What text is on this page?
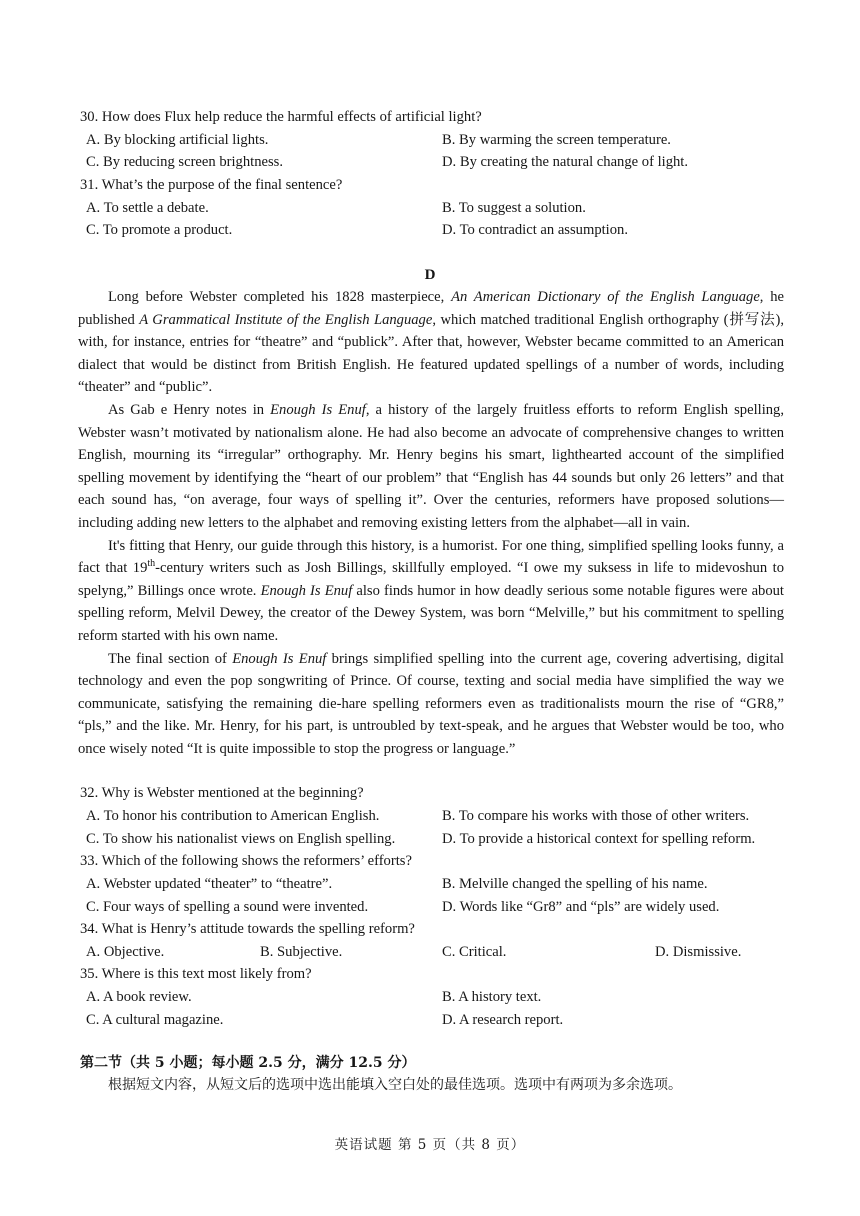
30. How does Flux help reduce the harmful effects of artificial light?
A. By blocking artificial lights.	B. By warming the screen temperature.
C. By reducing screen brightness.	D. By creating the natural change of light.
31. What’s the purpose of the final sentence?
A. To settle a debate.	B. To suggest a solution.
C. To promote a product.	D. To contradict an assumption.
D

Long before Webster completed his 1828 masterpiece, An American Dictionary of the English Language, he published A Grammatical Institute of the English Language, which matched traditional English orthography (拼写法), with, for instance, entries for “theatre” and “publick”. After that, however, Webster became committed to an American dialect that would be distinct from British English. He featured updated spellings of a number of words, including “theater” and “public”.

As Gab e Henry notes in Enough Is Enuf, a history of the largely fruitless efforts to reform English spelling, Webster wasn’t motivated by nationalism alone. He had also become an advocate of comprehensive changes to written English, mourning its “irregular” orthography. Mr. Henry begins his smart, lighthearted account of the simplified spelling movement by identifying the “heart of our problem” that “English has 44 sounds but only 26 letters” and that each sound has, “on average, four ways of spelling it”. Over the centuries, reformers have proposed solutions—including adding new letters to the alphabet and removing existing letters from the alphabet—all in vain.

It's fitting that Henry, our guide through this history, is a humorist. For one thing, simplified spelling looks funny, a fact that 19th-century writers such as Josh Billings, skillfully employed. “I owe my suksess in life to midevoshun to spelyng,” Billings once wrote. Enough Is Enuf also finds humor in how deadly serious some notable figures were about spelling reform, Melvil Dewey, the creator of the Dewey System, was born “Melville,” but his commitment to spelling reform started with his own name.

The final section of Enough Is Enuf brings simplified spelling into the current age, covering advertising, digital technology and even the pop songwriting of Prince. Of course, texting and social media have simplified the way we communicate, satisfying the remaining die-hare spelling reformers even as traditionalists mourn the rise of “GR8,” “pls,” and the like. Mr. Henry, for his part, is untroubled by text-speak, and he argues that Webster would be too, who once wisely noted “It is quite impossible to stop the progress or language.”

32. Why is Webster mentioned at the beginning?
A. To honor his contribution to American English.	B. To compare his works with those of other writers.
C. To show his nationalist views on English spelling.	D. To provide a historical context for spelling reform.
33. Which of the following shows the reformers’ efforts?
A. Webster updated “theater” to “theatre”.	B. Melville changed the spelling of his name.
C. Four ways of spelling a sound were invented.	D. Words like “Gr8” and “pls” are widely used.
34. What is Henry’s attitude towards the spelling reform?
A. Objective.	B. Subjective.	C. Critical.	D. Dismissive.
35. Where is this text most likely from?
A. A book review.	B. A history text.
C. A cultural magazine.	D. A research report.
第二节（共 5 小题；每小题 2.5 分，满分 12.5 分）
根据短文内容，从短文后的选项中选出能填入空白处的最佳选项。选项中有两项为多余选项。
英语试题 第 5 页（共 8 页）
